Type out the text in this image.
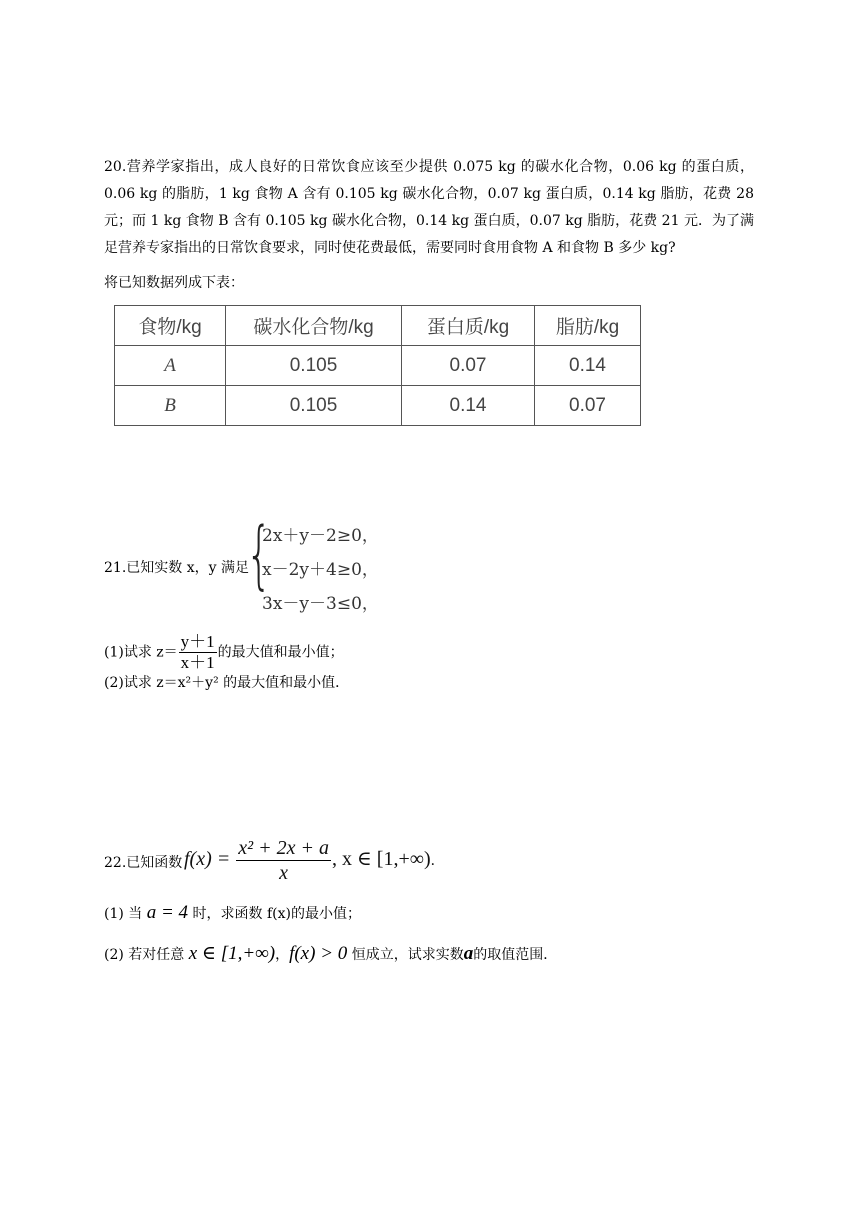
20.营养学家指出，成人良好的日常饮食应该至少提供 0.075 kg 的碳水化合物，0.06 kg 的蛋白质，0.06 kg 的脂肪，1 kg 食物 A 含有 0.105 kg 碳水化合物，0.07 kg 蛋白质，0.14 kg 脂肪，花费 28 元；而 1 kg 食物 B 含有 0.105 kg 碳水化合物，0.14 kg 蛋白质，0.07 kg 脂肪，花费 21 元．为了满足营养专家指出的日常饮食要求，同时使花费最低，需要同时食用食物 A 和食物 B 多少 kg?
将已知数据列成下表：
食物/kg	碳水化合物/kg	蛋白质/kg	脂肪/kg
A	0.105	0.07	0.14
B	0.105	0.14	0.07
21.已知实数 x，y 满足
{
2x＋y－2≥0，
x－2y＋4≥0，
3x－y－3≤0，
(1)试求 $z= \frac{y+1}{x+1}$ 的最大值和最小值；
(2)试求 z＝x²＋y² 的最大值和最小值．
22.已知函数 $f(x) = \frac{\text{x² + 2x + a}}{x}$ , x ∈ [1,+∞)．
(1) 当 a = 4 时，求函数 f(x)的最小值；
(2) 若对任意 x ∈ [1,+∞)，f(x) > 0 恒成立，试求实数a的取值范围．
